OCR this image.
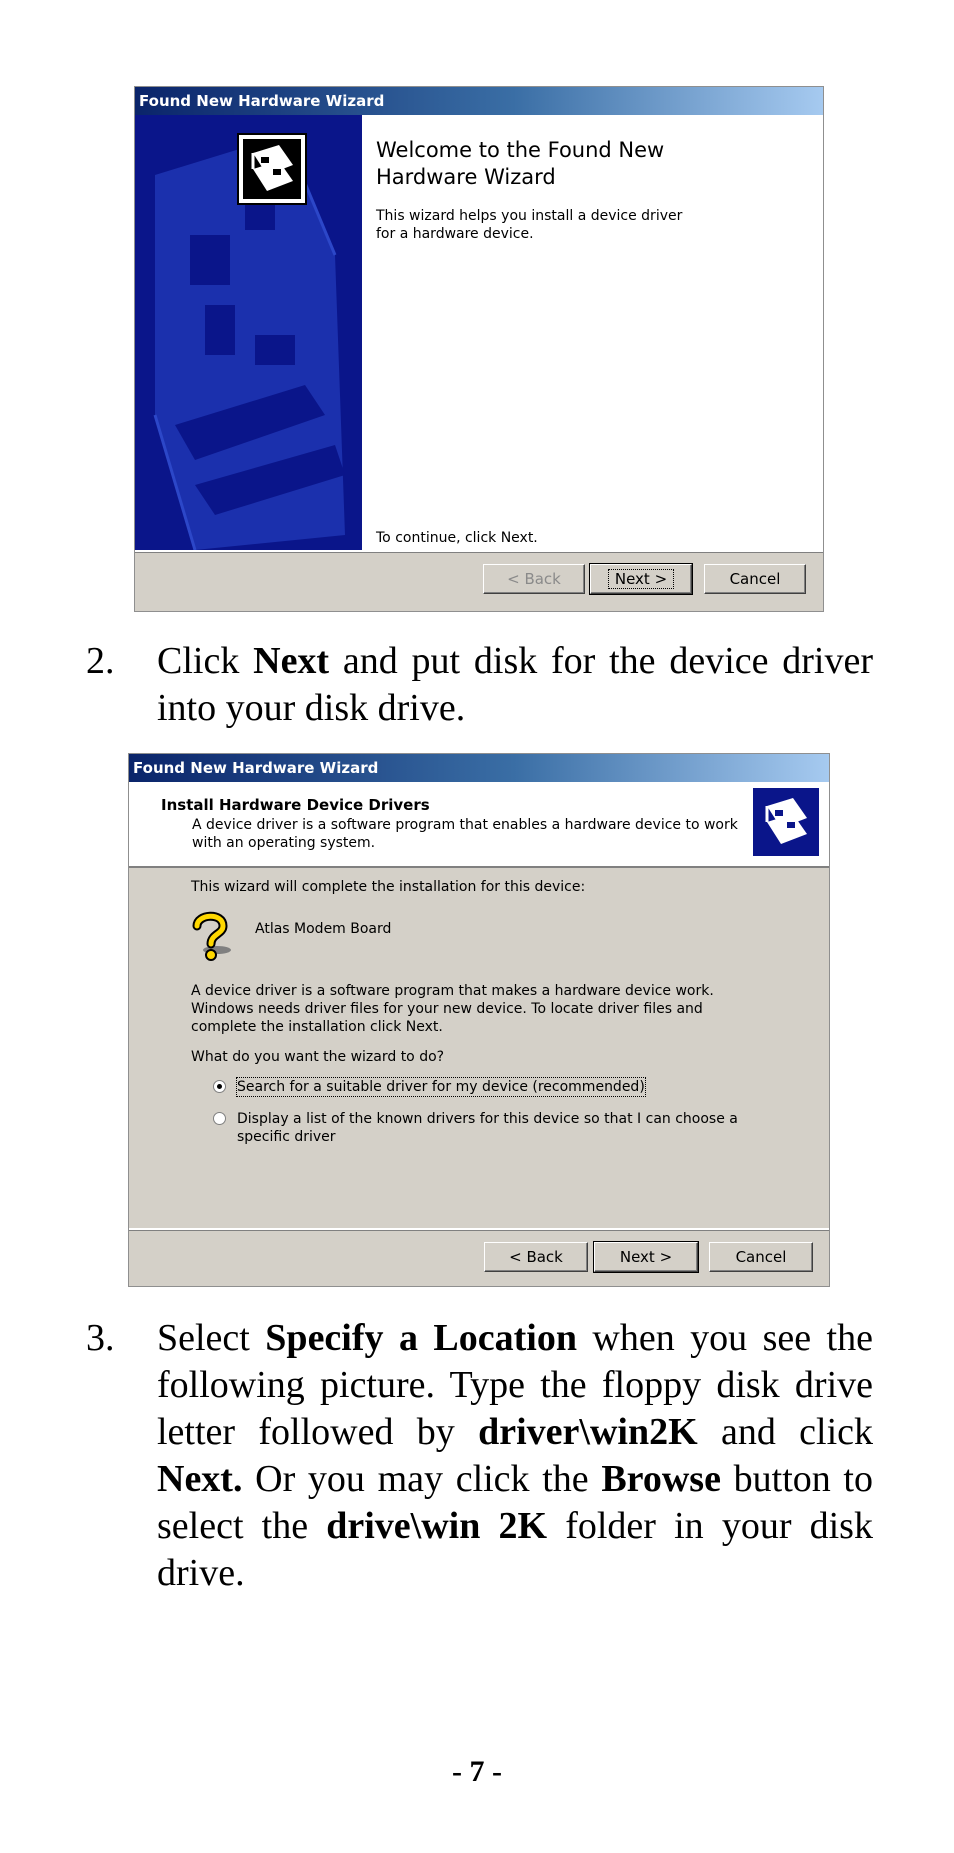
Found New Hardware Wizard
Welcome to the Found New Hardware Wizard
This wizard helps you install a device driver for a hardware device.
To continue, click Next.
< Back	Next >	Cancel
2. Click Next and put disk for the device driver into your disk drive.
Found New Hardware Wizard
Install Hardware Device Drivers
A device driver is a software program that enables a hardware device to work with an operating system.
This wizard will complete the installation for this device:
Atlas Modem Board
A device driver is a software program that makes a hardware device work. Windows needs driver files for your new device. To locate driver files and complete the installation click Next.
What do you want the wizard to do?
Search for a suitable driver for my device (recommended)
Display a list of the known drivers for this device so that I can choose a specific driver
< Back	Next >	Cancel
3. Select Specify a Location when you see the following picture. Type the floppy disk drive letter followed by driver\win2K and click Next. Or you may click the Browse button to select the drive\win 2K folder in your disk drive.
- 7 -
